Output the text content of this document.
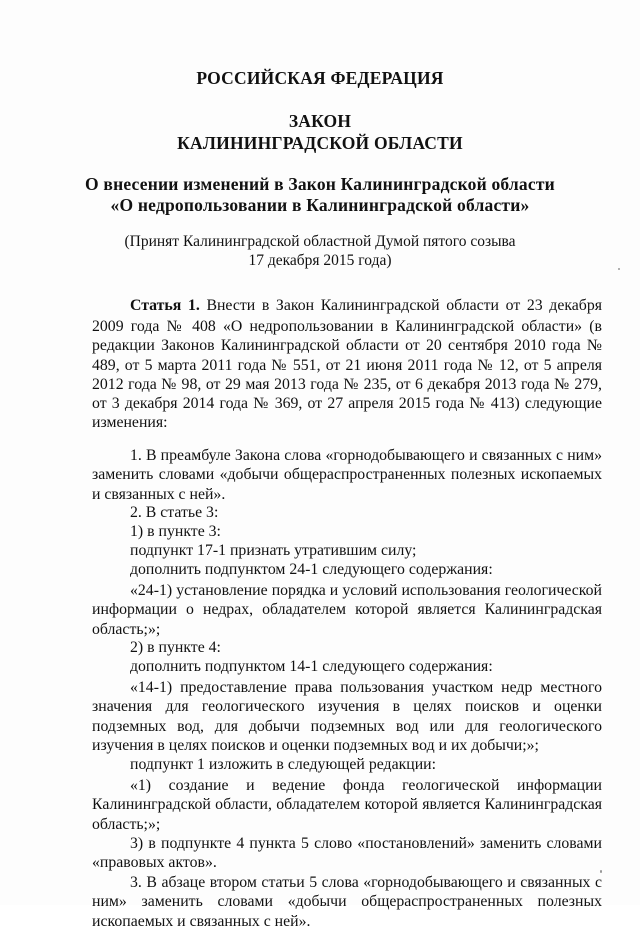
РОССИЙСКАЯ ФЕДЕРАЦИЯ
ЗАКОН
КАЛИНИНГРАДСКОЙ ОБЛАСТИ
О внесении изменений в Закон Калининградской области
«О недропользовании в Калининградской области»
(Принят Калининградской областной Думой пятого созыва
17 декабря 2015 года)
Статья 1. Внести в Закон Калининградской области от 23 декабря
2009 года № 408 «О недропользовании в Калининградской области» (в редакции Законов Калининградской области от 20 сентября 2010 года № 489, от 5 марта 2011 года № 551, от 21 июня 2011 года № 12, от 5 апреля 2012 года № 98, от 29 мая 2013 года № 235, от 6 декабря 2013 года № 279, от 3 декабря 2014 года № 369, от 27 апреля 2015 года № 413) следующие изменения:
1. В преамбуле Закона слова «горнодобывающего и связанных с ним» заменить словами «добычи общераспространенных полезных ископаемых и связанных с ней».
2. В статье 3:
1) в пункте 3:
подпункт 17-1 признать утратившим силу;
дополнить подпунктом 24-1 следующего содержания:
«24-1) установление порядка и условий использования геологической информации о недрах, обладателем которой является Калининградская область;»;
2) в пункте 4:
дополнить подпунктом 14-1 следующего содержания:
«14-1) предоставление права пользования участком недр местного значения для геологического изучения в целях поисков и оценки подземных вод, для добычи подземных вод или для геологического изучения в целях поисков и оценки подземных вод и их добычи;»;
подпункт 1 изложить в следующей редакции:
«1) создание и ведение фонда геологической информации Калининградской области, обладателем которой является Калининградская область;»;
3) в подпункте 4 пункта 5 слово «постановлений» заменить словами «правовых актов».
3. В абзаце втором статьи 5 слова «горнодобывающего и связанных с ним» заменить словами «добычи общераспространенных полезных ископаемых и связанных с ней».
